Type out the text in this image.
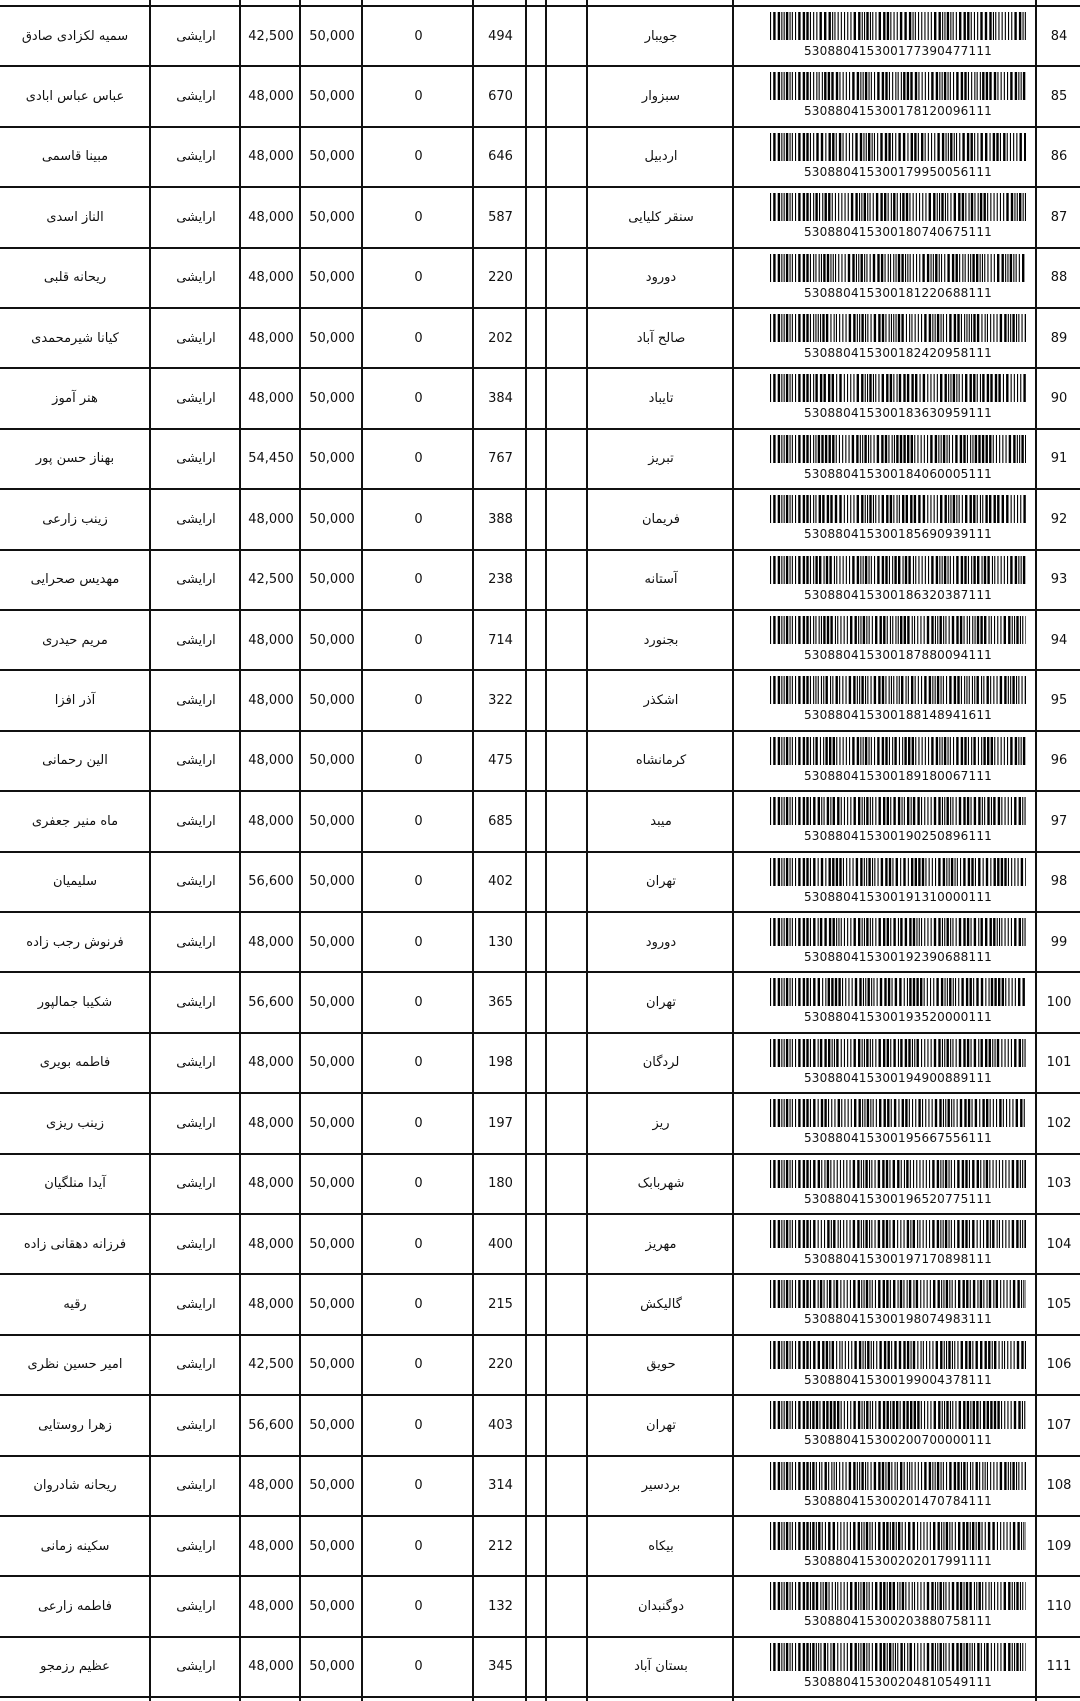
سمیه لکزادی صادق	ارایشی	42,500	50,000	0	494	جویبار	84
530880415300177390477111
عباس عباس ابادی	ارایشی	48,000	50,000	0	670	سبزوار	85
530880415300178120096111
مبینا قاسمی	ارایشی	48,000	50,000	0	646	اردبیل	86
530880415300179950056111
الناز اسدی	ارایشی	48,000	50,000	0	587	سنقر کلیایی	87
530880415300180740675111
ریحانه قلبی	ارایشی	48,000	50,000	0	220	دورود	88
530880415300181220688111
کیانا شیرمحمدی	ارایشی	48,000	50,000	0	202	صالح آباد	89
530880415300182420958111
هنر آموز	ارایشی	48,000	50,000	0	384	تایباد	90
530880415300183630959111
بهناز حسن پور	ارایشی	54,450	50,000	0	767	تبریز	91
530880415300184060005111
زینب زارعی	ارایشی	48,000	50,000	0	388	فریمان	92
530880415300185690939111
مهدیس صحرایی	ارایشی	42,500	50,000	0	238	آستانه	93
530880415300186320387111
مریم حیدری	ارایشی	48,000	50,000	0	714	بجنورد	94
530880415300187880094111
آذر افزا	ارایشی	48,000	50,000	0	322	اشکذر	95
530880415300188148941611
الین رحمانی	ارایشی	48,000	50,000	0	475	کرمانشاه	96
530880415300189180067111
ماه منیر جعفری	ارایشی	48,000	50,000	0	685	میبد	97
530880415300190250896111
سلیمیان	ارایشی	56,600	50,000	0	402	تهران	98
530880415300191310000111
فرنوش رجب زاده	ارایشی	48,000	50,000	0	130	دورود	99
530880415300192390688111
شکیبا جمالپور	ارایشی	56,600	50,000	0	365	تهران	100
530880415300193520000111
فاطمه بویری	ارایشی	48,000	50,000	0	198	لردگان	101
530880415300194900889111
زینب ریزی	ارایشی	48,000	50,000	0	197	ریز	102
530880415300195667556111
آیدا منلگیان	ارایشی	48,000	50,000	0	180	شهربابک	103
530880415300196520775111
فرزانه دهقانی زاده	ارایشی	48,000	50,000	0	400	مهریز	104
530880415300197170898111
رقیه	ارایشی	48,000	50,000	0	215	گالیکش	105
530880415300198074983111
امیر حسین نظری	ارایشی	42,500	50,000	0	220	حویق	106
530880415300199004378111
زهرا روستایی	ارایشی	56,600	50,000	0	403	تهران	107
530880415300200700000111
ریحانه شادروان	ارایشی	48,000	50,000	0	314	بردسیر	108
530880415300201470784111
سکینه زمانی	ارایشی	48,000	50,000	0	212	بیکاه	109
530880415300202017991111
فاطمه زارعی	ارایشی	48,000	50,000	0	132	دوگنبدان	110
530880415300203880758111
عظیم رزمجو	ارایشی	48,000	50,000	0	345	بستان آباد	111
530880415300204810549111
